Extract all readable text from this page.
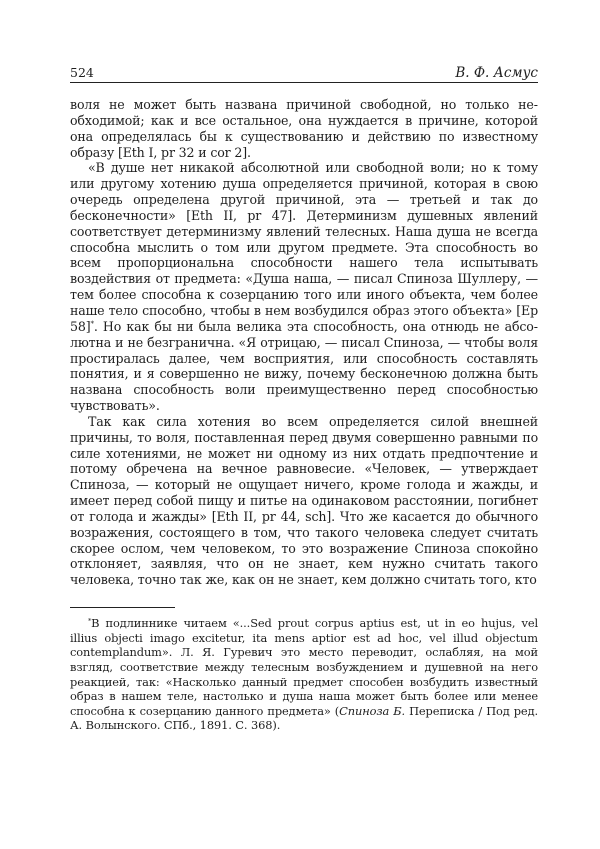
524	В. Ф. Асмус

воля не может быть названа причиной свободной, но только необходимой; как и все остальное, она нуждается в причине, которой она определялась бы к существованию и действию по известному образу [Eth I, pr 32 и cor 2].

«В душе нет никакой абсолютной или свободной воли; но к тому или другому хотению душа определяется причиной, которая в свою очередь определена другой причиной, эта — третьей и так до бесконечности» [Eth II, pr 47]. Детерминизм душевных явлений соответствует детерминизму явлений телесных. Наша душа не всегда способна мыслить о том или другом предмете. Эта способность во всем пропорциональна способности нашего тела испытывать воздействия от предмета: «Душа наша, — писал Спиноза Шуллеру, — тем более способна к созерцанию того или иного объекта, чем более наше тело способно, чтобы в нем возбудился образ этого объекта» [Ep 58]*. Но как бы ни была велика эта способность, она отнюдь не абсолютна и не безгранична. «Я отрицаю, — писал Спиноза, — чтобы воля простиралась далее, чем восприятия, или способность составлять понятия, и я совершенно не вижу, почему бесконечною должна быть названа способность воли преимущественно перед способностью чувствовать».

Так как сила хотения во всем определяется силой внешней причины, то воля, поставленная перед двумя совершенно равными по силе хотениями, не может ни одному из них отдать предпочтение и потому обречена на вечное равновесие. «Человек, — утверждает Спиноза, — который не ощущает ничего, кроме голода и жажды, и имеет перед собой пищу и питье на одинаковом расстоянии, погибнет от голода и жажды» [Eth II, pr 44, sch]. Что же касается до обычного возражения, состоящего в том, что такого человека следует считать скорее ослом, чем человеком, то это возражение Спиноза спокойно отклоняет, заявляя, что он не знает, кем нужно считать такого человека, точно так же, как он не знает, кем должно считать того, кто

*В подлиннике читаем «...Sed prout corpus aptius est, ut in eo hujus, vel illius objecti imago excitetur, ita mens aptior est ad hoc, vel illud objectum contemplandum». Л. Я. Гуревич это место переводит, ослабляя, на мой взгляд, соответствие между телесным возбуждением и душевной на него реакцией, так: «Насколько данный предмет способен возбудить известный образ в нашем теле, настолько и душа наша может быть более или менее способна к созерцанию данного предмета» (Спиноза Б. Переписка / Под ред. А. Волынского. СПб., 1891. С. 368).
